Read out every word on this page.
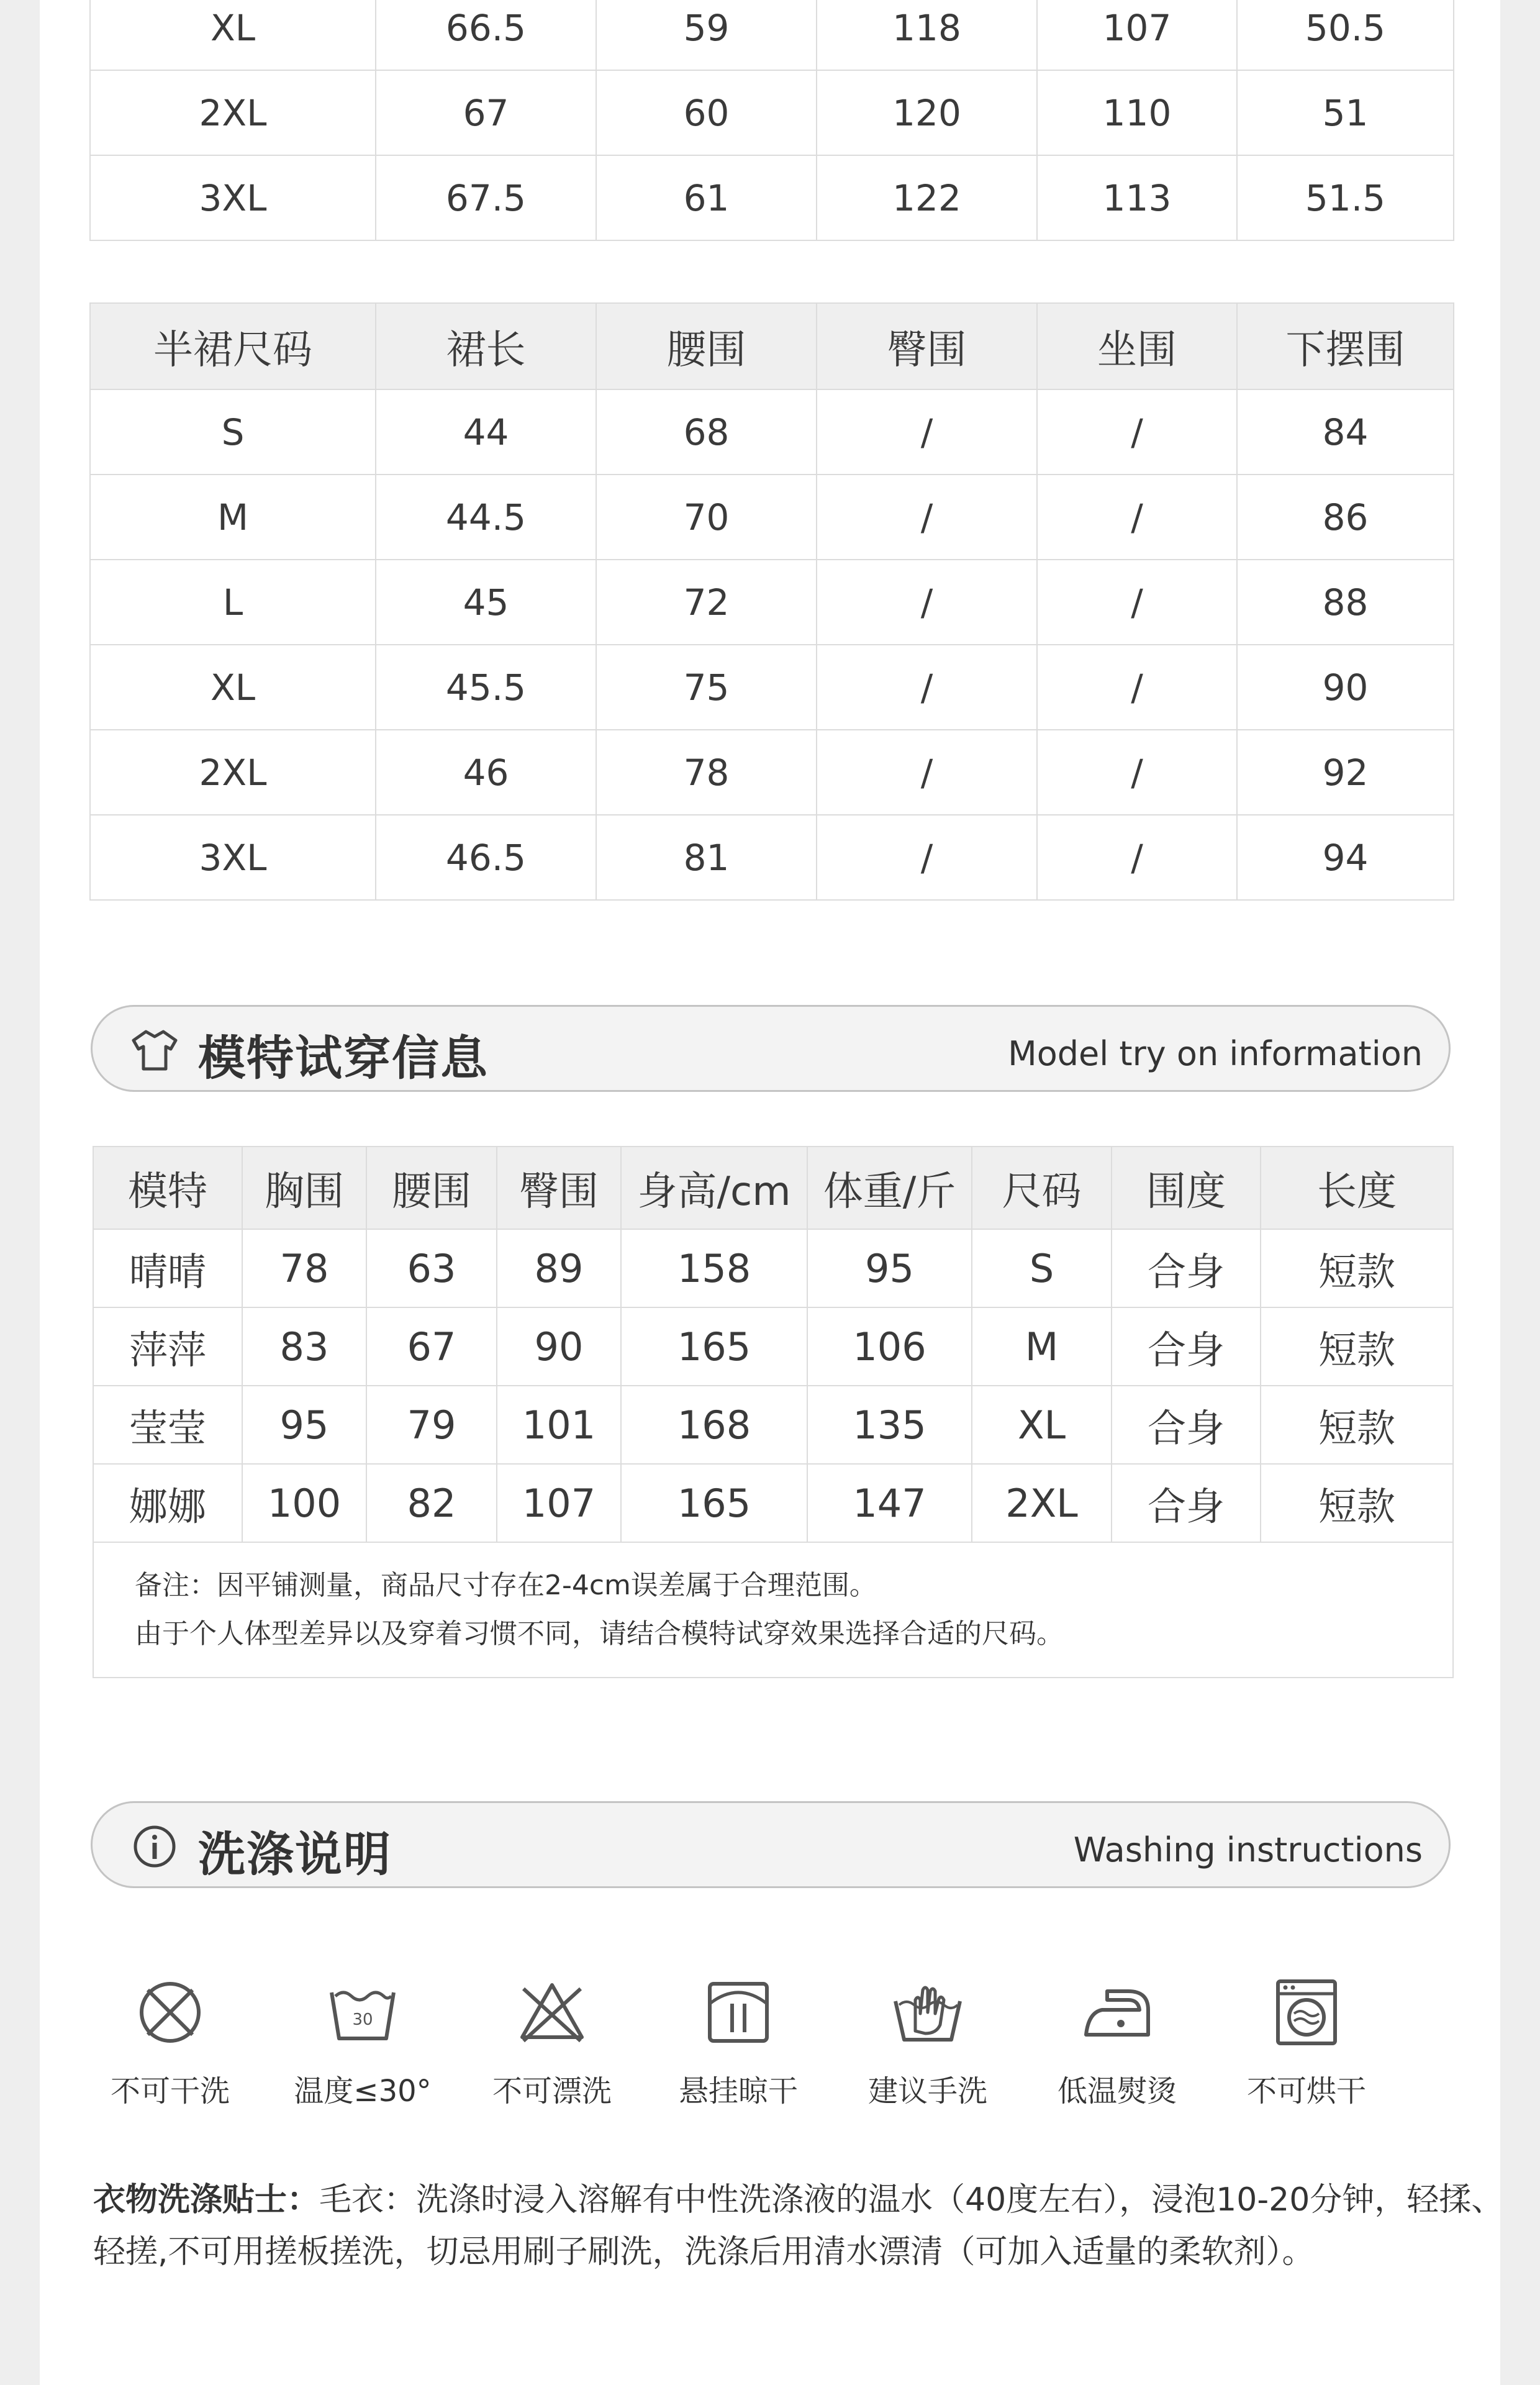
XL	66.5	59	118	107	50.5
2XL	67	60	120	110	51
3XL	67.5	61	122	113	51.5
半裙尺码	裙长	腰围	臀围	坐围	下摆围
S	44	68	/	/	84
M	44.5	70	/	/	86
L	45	72	/	/	88
XL	45.5	75	/	/	90
2XL	46	78	/	/	92
3XL	46.5	81	/	/	94
模特试穿信息	Model try on information
模特	胸围	腰围	臀围	身高/cm	体重/斤	尺码	围度	长度
晴晴	78	63	89	158	95	S	合身	短款
萍萍	83	67	90	165	106	M	合身	短款
莹莹	95	79	101	168	135	XL	合身	短款
娜娜	100	82	107	165	147	2XL	合身	短款

备注：因平铺测量，商品尺寸存在2-4cm误差属于合理范围。
由于个人体型差异以及穿着习惯不同，请结合模特试穿效果选择合适的尺码。								
洗涤说明	Washing instructions
不可干洗
30
温度≤30°	不可漂洗	悬挂晾干	建议手洗	低温熨烫	不可烘干
衣物洗涤贴士：毛衣：洗涤时浸入溶解有中性洗涤液的温水（40度左右），浸泡10-20分钟，轻揉、轻搓,不可用搓板搓洗，切忌用刷子刷洗，洗涤后用清水漂清（可加入适量的柔软剂）。
